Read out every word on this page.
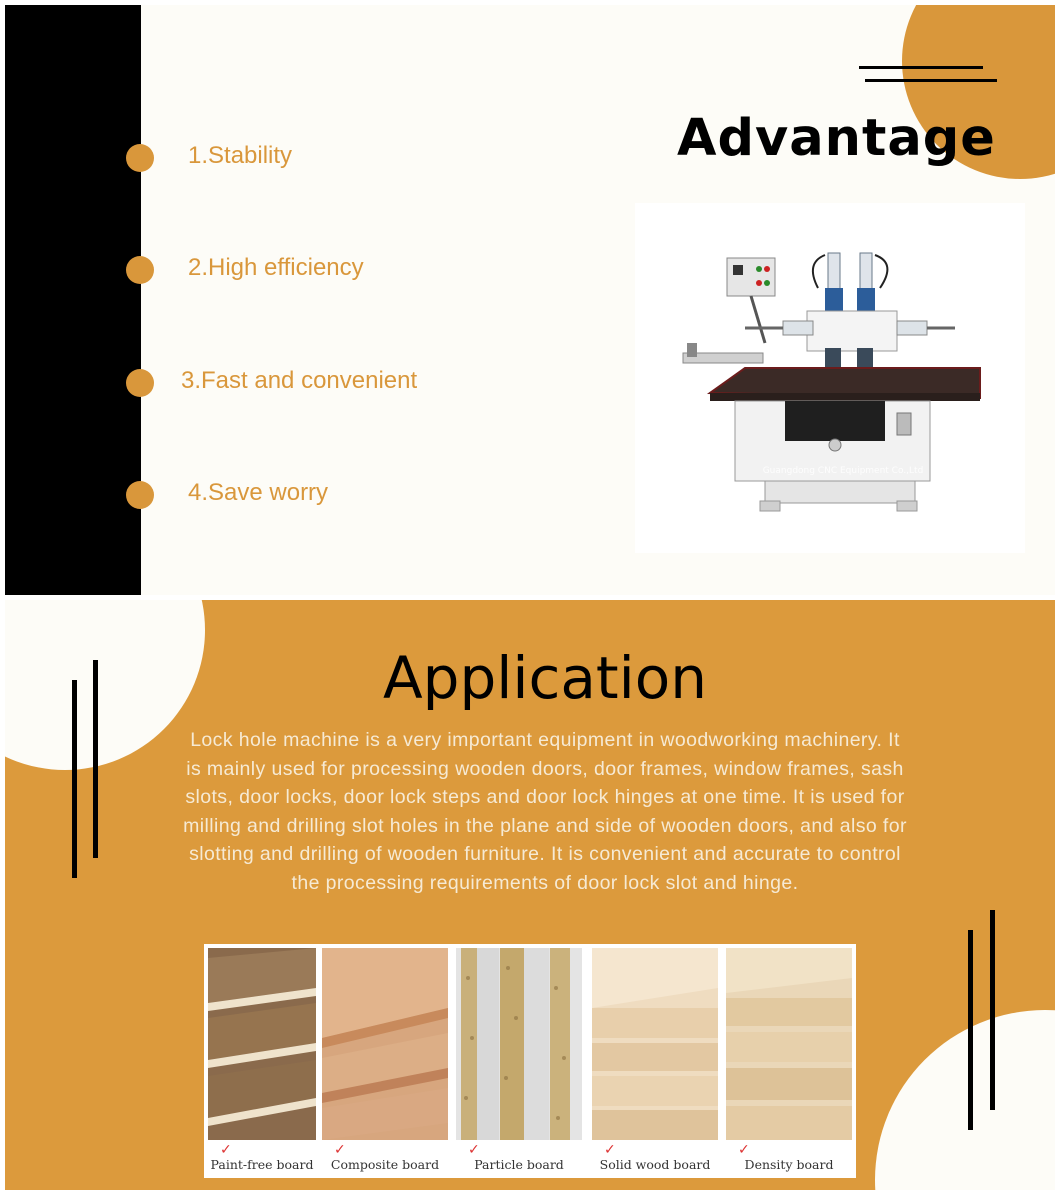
Advantage
1.Stability
2.High efficiency
3.Fast and convenient
4.Save worry
Guangdong CNC Equipment Co.,Ltd
Application

Lock hole machine is a very important equipment in woodworking machinery. It is mainly used for processing wooden doors, door frames, window frames, sash slots, door locks, door lock steps and door lock hinges at one time. It is used for milling and drilling slot holes in the plane and side of wooden doors, and also for slotting and drilling of wooden furniture. It is convenient and accurate to control the processing requirements of door lock slot and hinge.

✓
Paint-free board
✓
Composite board
✓
Particle board
✓
Solid wood board
✓
Density board
